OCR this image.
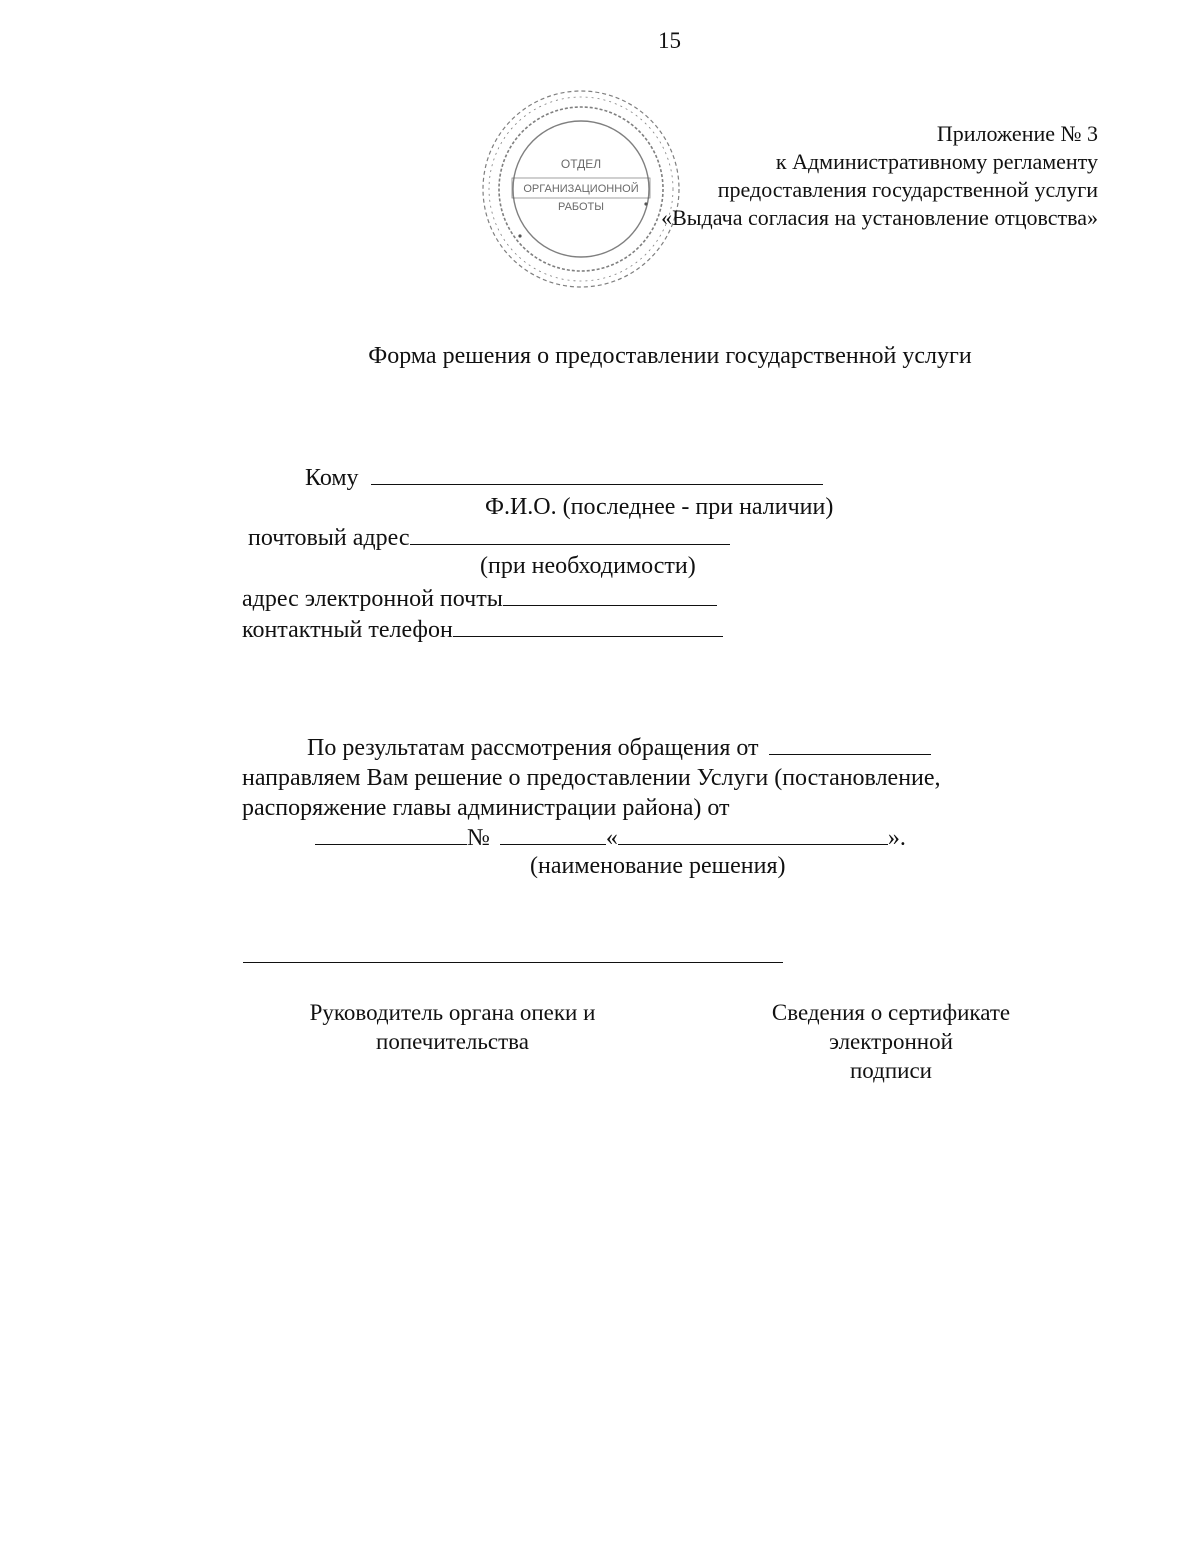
15
ОТДЕЛ
ОРГАНИЗАЦИОННОЙ
РАБОТЫ
Приложение № 3
к Административному регламенту
предоставления государственной услуги
«Выдача согласия на установление отцовства»
Форма решения о предоставлении государственной услуги
Кому
Ф.И.О. (последнее - при наличии)
почтовый адрес
(при необходимости)
адрес электронной почты
контактный телефон
По результатам рассмотрения обращения от
направляем Вам решение о предоставлении Услуги (постановление,
распоряжение главы администрации района) от
№	«	».
(наименование решения)
Руководитель органа опеки и
попечительства
Сведения о сертификате
электронной
подписи
